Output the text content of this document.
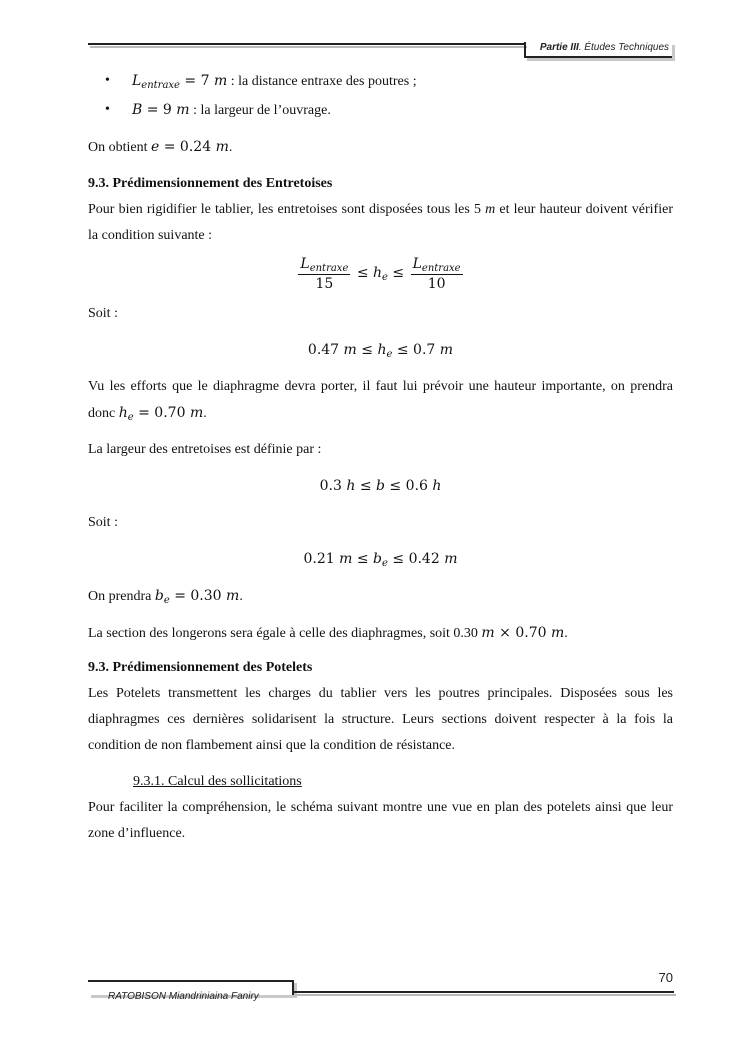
Partie III. Études Techniques

• $L_{entraxe} = 7$ m : la distance entraxe des poutres ;

• B = 9 m : la largeur de l’ouvrage.

On obtient e = 0.24 m.

9.3. Prédimensionnement des Entretoises

Pour bien rigidifier le tablier, les entretoises sont disposées tous les 5 m et leur hauteur doivent vérifier la condition suivante :

$\frac{L_{entraxe}}{15} \le h_e \le \frac{L_{entraxe}}{10}$

Soit :

0.47 $m \le h_e \le 0.7$ m

Vu les efforts que le diaphragme devra porter, il faut lui prévoir une hauteur importante, on prendra donc $h_e = 0.70$ m.

La largeur des entretoises est définie par :

0.3 h ≤ b ≤ 0.6 h

Soit :

0.21 $m \le b_e \le 0.42$ m

On prendra $b_e = 0.30$ m.

La section des longerons sera égale à celle des diaphragmes, soit 0.30 m × 0.70 m.

9.3. Prédimensionnement des Potelets

Les Potelets transmettent les charges du tablier vers les poutres principales. Disposées sous les diaphragmes ces dernières solidarisent la structure. Leurs sections doivent respecter à la fois la condition de non flambement ainsi que la condition de résistance.

9.3.1. Calcul des sollicitations

Pour faciliter la compréhension, le schéma suivant montre une vue en plan des potelets ainsi que leur zone d’influence.

70
RATOBISON Miandriniaina Faniry
